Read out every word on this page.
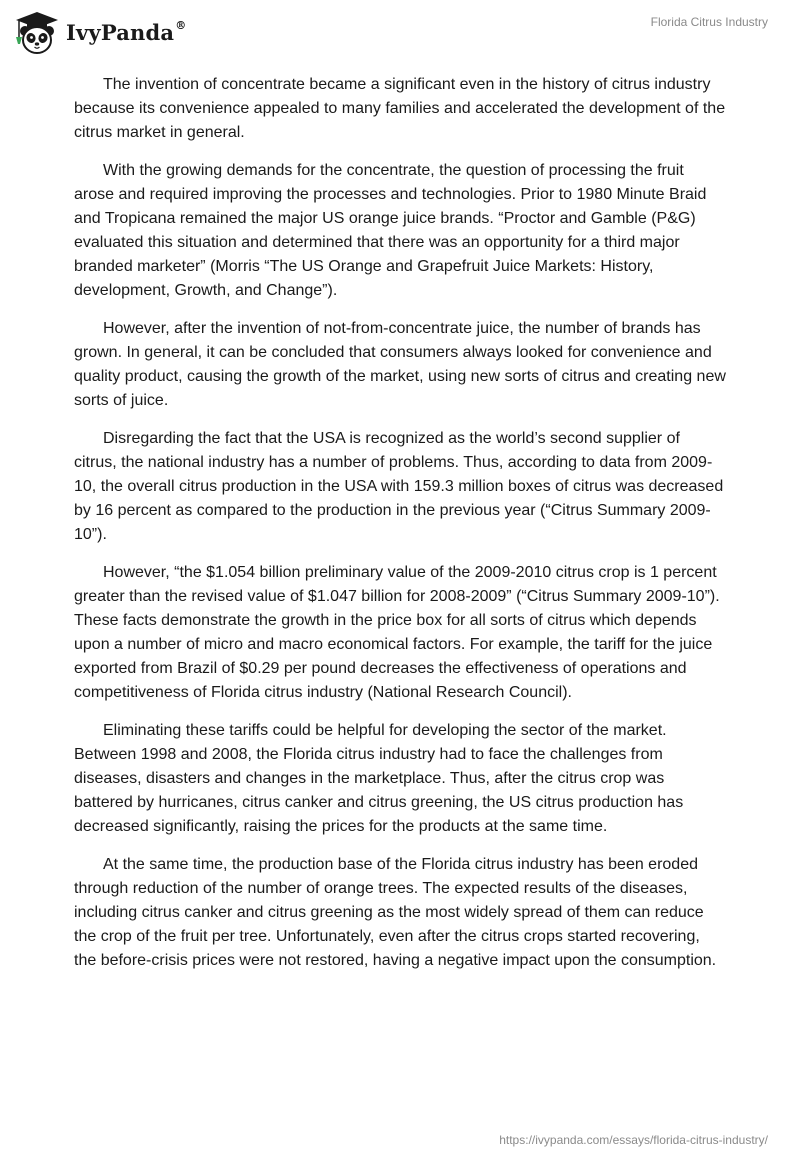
IvyPanda®	Florida Citrus Industry

The invention of concentrate became a significant even in the history of citrus industry because its convenience appealed to many families and accelerated the development of the citrus market in general.

With the growing demands for the concentrate, the question of processing the fruit arose and required improving the processes and technologies. Prior to 1980 Minute Braid and Tropicana remained the major US orange juice brands. “Proctor and Gamble (P&G) evaluated this situation and determined that there was an opportunity for a third major branded marketer” (Morris “The US Orange and Grapefruit Juice Markets: History, development, Growth, and Change”).

However, after the invention of not-from-concentrate juice, the number of brands has grown. In general, it can be concluded that consumers always looked for convenience and quality product, causing the growth of the market, using new sorts of citrus and creating new sorts of juice.

Disregarding the fact that the USA is recognized as the world’s second supplier of citrus, the national industry has a number of problems. Thus, according to data from 2009-10, the overall citrus production in the USA with 159.3 million boxes of citrus was decreased by 16 percent as compared to the production in the previous year (“Citrus Summary 2009-10”).

However, “the $1.054 billion preliminary value of the 2009-2010 citrus crop is 1 percent greater than the revised value of $1.047 billion for 2008-2009” (“Citrus Summary 2009-10”). These facts demonstrate the growth in the price box for all sorts of citrus which depends upon a number of micro and macro economical factors. For example, the tariff for the juice exported from Brazil of $0.29 per pound decreases the effectiveness of operations and competitiveness of Florida citrus industry (National Research Council).

Eliminating these tariffs could be helpful for developing the sector of the market. Between 1998 and 2008, the Florida citrus industry had to face the challenges from diseases, disasters and changes in the marketplace. Thus, after the citrus crop was battered by hurricanes, citrus canker and citrus greening, the US citrus production has decreased significantly, raising the prices for the products at the same time.

At the same time, the production base of the Florida citrus industry has been eroded through reduction of the number of orange trees. The expected results of the diseases, including citrus canker and citrus greening as the most widely spread of them can reduce the crop of the fruit per tree. Unfortunately, even after the citrus crops started recovering, the before-crisis prices were not restored, having a negative impact upon the consumption.

https://ivypanda.com/essays/florida-citrus-industry/
